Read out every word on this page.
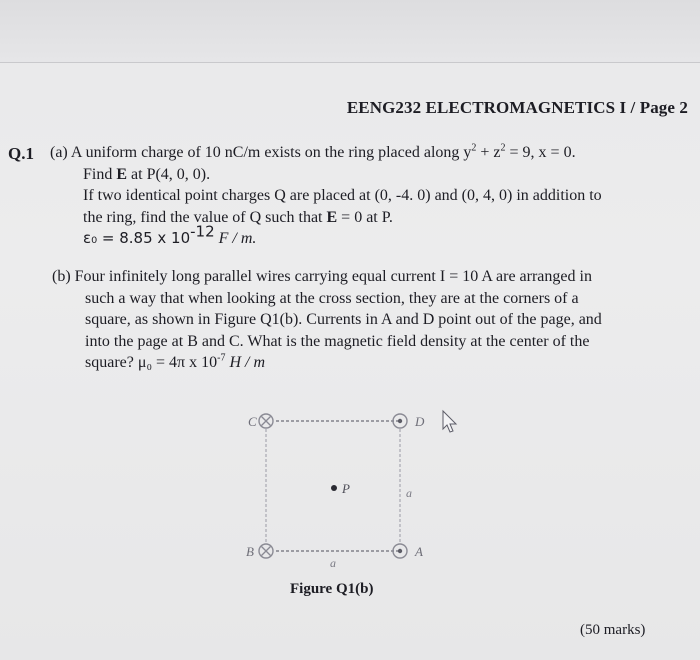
EENG232 ELECTROMAGNETICS I / Page 2
Q.1 (a) A uniform charge of 10 nC/m exists on the ring placed along $y^2 + z^2 = 9$, x = 0.
Find E at P(4, 0, 0).
If two identical point charges Q are placed at (0, -4. 0) and (0, 4, 0) in addition to
the ring, find the value of Q such that E = 0 at P.
ε₀ = 8.85 x $10^{-12}$ F / m.
(b) Four infinitely long parallel wires carrying equal current I = 10 A are arranged in
such a way that when looking at the cross section, they are at the corners of a
square, as shown in Figure Q1(b). Currents in A and D point out of the page, and
into the page at B and C. What is the magnetic field density at the center of the
square? μ₀ = 4π x $10^{-7}$ H / m
C	D
P	a
B	A
a
Figure Q1(b)
(50 marks)
